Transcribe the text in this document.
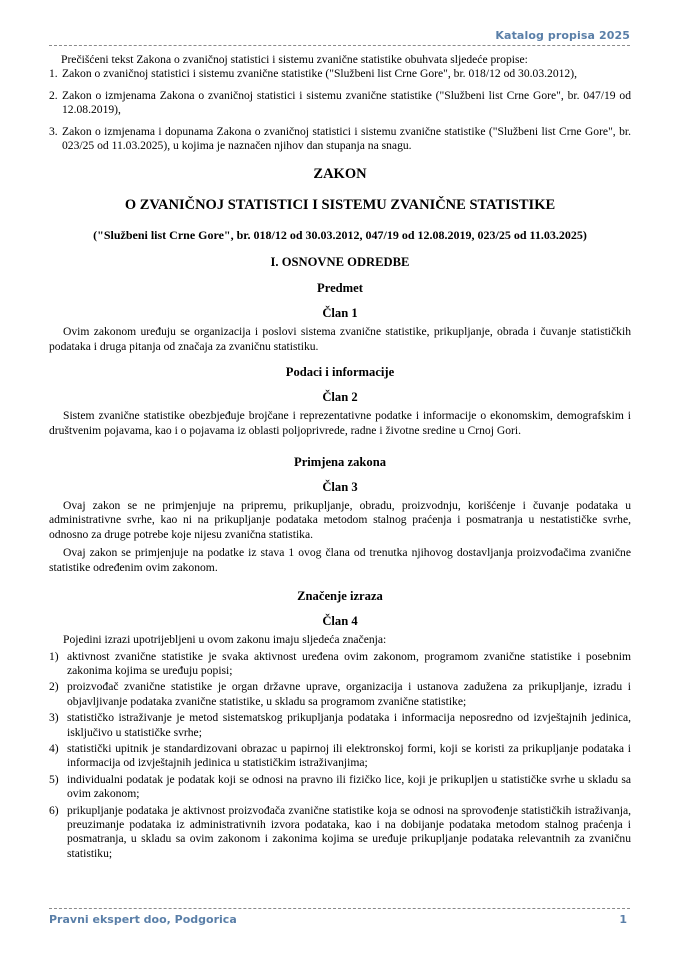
Katalog propisa 2025

Prečišćeni tekst Zakona o zvaničnoj statistici i sistemu zvanične statistike obuhvata sljedeće propise:

1. Zakon o zvaničnoj statistici i sistemu zvanične statistike ("Službeni list Crne Gore", br. 018/12 od 30.03.2012),
2. Zakon o izmjenama Zakona o zvaničnoj statistici i sistemu zvanične statistike ("Službeni list Crne Gore", br. 047/19 od 12.08.2019),
3. Zakon o izmjenama i dopunama Zakona o zvaničnoj statistici i sistemu zvanične statistike ("Službeni list Crne Gore", br. 023/25 od 11.03.2025), u kojima je naznačen njihov dan stupanja na snagu.
ZAKON
O ZVANIČNOJ STATISTICI I SISTEMU ZVANIČNE STATISTIKE
("Službeni list Crne Gore", br. 018/12 od 30.03.2012, 047/19 od 12.08.2019, 023/25 od 11.03.2025)
I. OSNOVNE ODREDBE
Predmet
Član 1

Ovim zakonom uređuju se organizacija i poslovi sistema zvanične statistike, prikupljanje, obrada i čuvanje statističkih podataka i druga pitanja od značaja za zvaničnu statistiku.

Podaci i informacije
Član 2

Sistem zvanične statistike obezbjeđuje brojčane i reprezentativne podatke i informacije o ekonomskim, demografskim i društvenim pojavama, kao i o pojavama iz oblasti poljoprivrede, radne i životne sredine u Crnoj Gori.

Primjena zakona
Član 3

Ovaj zakon se ne primjenjuje na pripremu, prikupljanje, obradu, proizvodnju, korišćenje i čuvanje podataka u administrativne svrhe, kao ni na prikupljanje podataka metodom stalnog praćenja i posmatranja u nestatističke svrhe, odnosno za druge potrebe koje nijesu zvanična statistika.

Ovaj zakon se primjenjuje na podatke iz stava 1 ovog člana od trenutka njihovog dostavljanja proizvođačima zvanične statistike određenim ovim zakonom.

Značenje izraza
Član 4

Pojedini izrazi upotrijebljeni u ovom zakonu imaju sljedeća značenja:

1) aktivnost zvanične statistike je svaka aktivnost uređena ovim zakonom, programom zvanične statistike i posebnim zakonima kojima se uređuju popisi;
2) proizvođač zvanične statistike je organ državne uprave, organizacija i ustanova zadužena za prikupljanje, izradu i objavljivanje podataka zvanične statistike, u skladu sa programom zvanične statistike;
3) statističko istraživanje je metod sistematskog prikupljanja podataka i informacija neposredno od izvještajnih jedinica, isključivo u statističke svrhe;
4) statistički upitnik je standardizovani obrazac u papirnoj ili elektronskoj formi, koji se koristi za prikupljanje podataka i informacija od izvještajnih jedinica u statističkim istraživanjima;
5) individualni podatak je podatak koji se odnosi na pravno ili fizičko lice, koji je prikupljen u statističke svrhe u skladu sa ovim zakonom;
6) prikupljanje podataka je aktivnost proizvođača zvanične statistike koja se odnosi na sprovođenje statističkih istraživanja, preuzimanje podataka iz administrativnih izvora podataka, kao i na dobijanje podataka metodom stalnog praćenja i posmatranja, u skladu sa ovim zakonom i zakonima kojima se uređuje prikupljanje podataka relevantnih za zvaničnu statistiku;
Pravni ekspert doo, Podgorica	1
